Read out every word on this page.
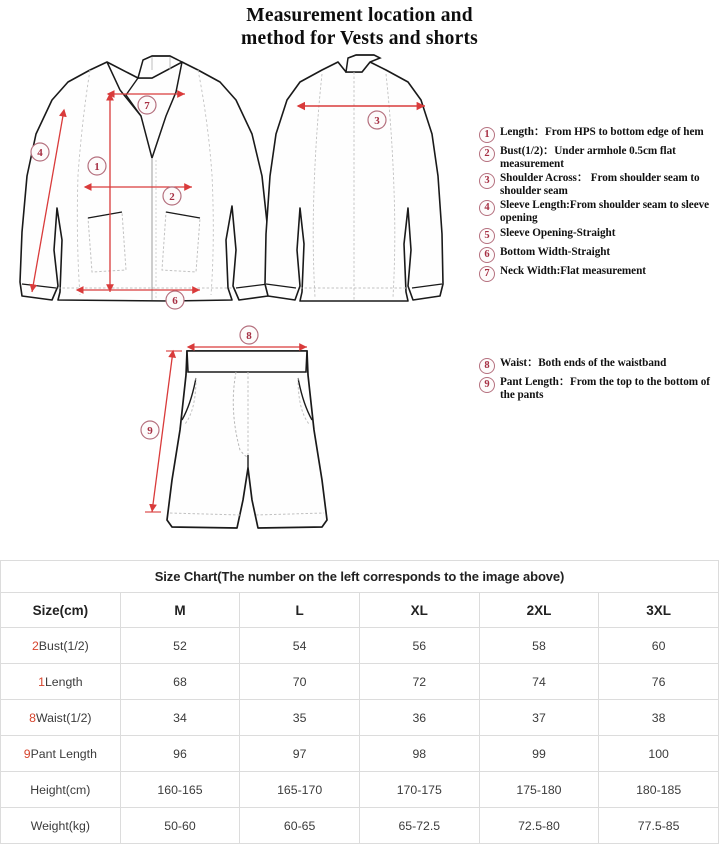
Measurement location and
method for Vests and shorts
1
2
3
4
6
7
8
9
1 Length：From HPS to bottom edge of hem
2 Bust(1/2)：Under armhole 0.5cm flat measurement
3 Shoulder Across： From shoulder seam to shoulder seam
4 Sleeve Length:From shoulder seam to sleeve opening
5 Sleeve Opening-Straight
6 Bottom Width-Straight
7 Neck Width:Flat measurement
8 Waist：Both ends of the waistband
9 Pant Length：From the top to the bottom of the pants
Size Chart(The number on the left corresponds to the image above)					
Size(cm)	M	L	XL	2XL	3XL
2Bust(1/2)	52	54	56	58	60
1Length	68	70	72	74	76
8Waist(1/2)	34	35	36	37	38
9Pant Length	96	97	98	99	100
Height(cm)	160-165	165-170	170-175	175-180	180-185
Weight(kg)	50-60	60-65	65-72.5	72.5-80	77.5-85
